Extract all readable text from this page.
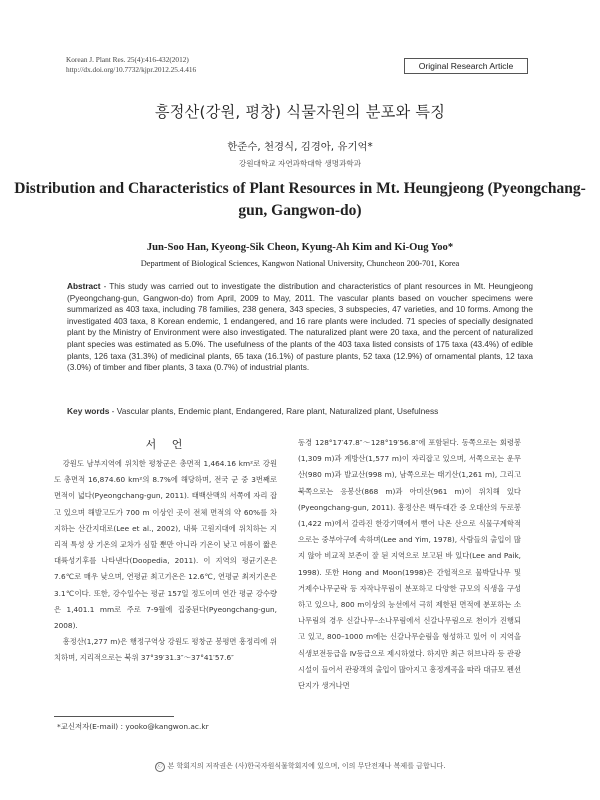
Korean J. Plant Res. 25(4):416-432(2012)
http://dx.doi.org/10.7732/kjpr.2012.25.4.416	Original Research Article
흥정산(강원, 평창) 식물자원의 분포와 특징
한준수, 천경식, 김경아, 유기억*
강원대학교 자연과학대학 생명과학과
Distribution and Characteristics of Plant Resources in Mt. Heungjeong (Pyeongchang-gun, Gangwon-do)
Jun-Soo Han, Kyeong-Sik Cheon, Kyung-Ah Kim and Ki-Oug Yoo*
Department of Biological Sciences, Kangwon National University, Chuncheon 200-701, Korea
Abstract - This study was carried out to investigate the distribution and characteristics of plant resources in Mt. Heungjeong (Pyeongchang-gun, Gangwon-do) from April, 2009 to May, 2011. The vascular plants based on voucher specimens were summarized as 403 taxa, including 78 families, 238 genera, 343 species, 3 subspecies, 47 varieties, and 10 forms. Among the investigated 403 taxa, 8 Korean endemic, 1 endangered, and 16 rare plants were included. 71 species of specially designated plant by the Ministry of Environment were also investigated. The naturalized plant were 20 taxa, and the percent of naturalized plant species was estimated as 5.0%. The usefulness of the plants of the 403 taxa listed consists of 175 taxa (43.4%) of edible plants, 126 taxa (31.3%) of medicinal plants, 65 taxa (16.1%) of pasture plants, 52 taxa (12.9%) of ornamental plants, 12 taxa (3.0%) of timber and fiber plants, 3 taxa (0.7%) of industrial plants.
Key words - Vascular plants, Endemic plant, Endangered, Rare plant, Naturalized plant, Usefulness
서 언

강원도 남부지역에 위치한 평창군은 총면적 1,464.16 km²로 강원도 총면적 16,874.60 km²의 8.7%에 해당하며, 전국 군 중 3번째로 면적이 넓다(Pyeongchang-gun, 2011). 태백산맥의 서쪽에 자리 잡고 있으며 해발고도가 700 m 이상인 곳이 전체 면적의 약 60%를 차지하는 산간지대로(Lee et al., 2002), 내륙 고원지대에 위치하는 지리적 특성 상 기온의 교차가 심할 뿐만 아니라 기온이 낮고 여름이 짧은 대륙성기후를 나타낸다(Doopedia, 2011). 이 지역의 평균기온은 7.6℃로 매우 낮으며, 연평균 최고기온은 12.6℃, 연평균 최저기온은 3.1℃이다. 또한, 강수일수는 평균 157일 정도이며 연간 평균 강수량은 1,401.1 mm로 주로 7-9월에 집중된다(Pyeongchang-gun, 2008).

흥정산(1,277 m)은 행정구역상 강원도 평창군 봉평면 흥정리에 위치하며, 지리적으로는 북위 37°39′31.3″～37°41′57.6″

동경 128°17′47.8″～128°19′56.8″에 포함된다. 동쪽으로는 회령봉(1,309 m)과 계방산(1,577 m)이 자리잡고 있으며, 서쪽으로는 운무산(980 m)과 발교산(998 m), 남쪽으로는 태기산(1,261 m), 그리고 북쪽으로는 응봉산(868 m)과 아미산(961 m)이 위치해 있다(Pyeongchang-gun, 2011). 흥정산은 백두대간 중 오대산의 두로봉(1,422 m)에서 갈라진 한강기맥에서 뻗어 나온 산으로 식물구계학적으로는 중부아구에 속하며(Lee and Yim, 1978), 사람들의 출입이 많지 않아 비교적 보존이 잘 된 지역으로 보고된 바 있다(Lee and Paik, 1998). 또한 Hong and Moon(1998)은 간헐적으로 물박달나무 및 거제수나무군락 등 자작나무림이 분포하고 다양한 규모의 식생을 구성하고 있으나, 800 m이상의 능선에서 극히 제한된 면적에 분포하는 소나무림의 경우 신갈나무–소나무림에서 신갈나무림으로 천이가 진행되고 있고, 800–1000 m에는 신갈나무순림을 형성하고 있어 이 지역을 식생보전등급을 Ⅳ등급으로 제시하였다. 하지만 최근 허브나라 등 관광시설이 들어서 관광객의 출입이 많아지고 흥정계곡을 따라 대규모 펜션단지가 생겨나면

*교신저자(E-mail) : yooko@kangwon.ac.kr
ⓒ 본 학회지의 저작권은 (사)한국자원식물학회지에 있으며, 이의 무단전재나 복제를 금합니다.
